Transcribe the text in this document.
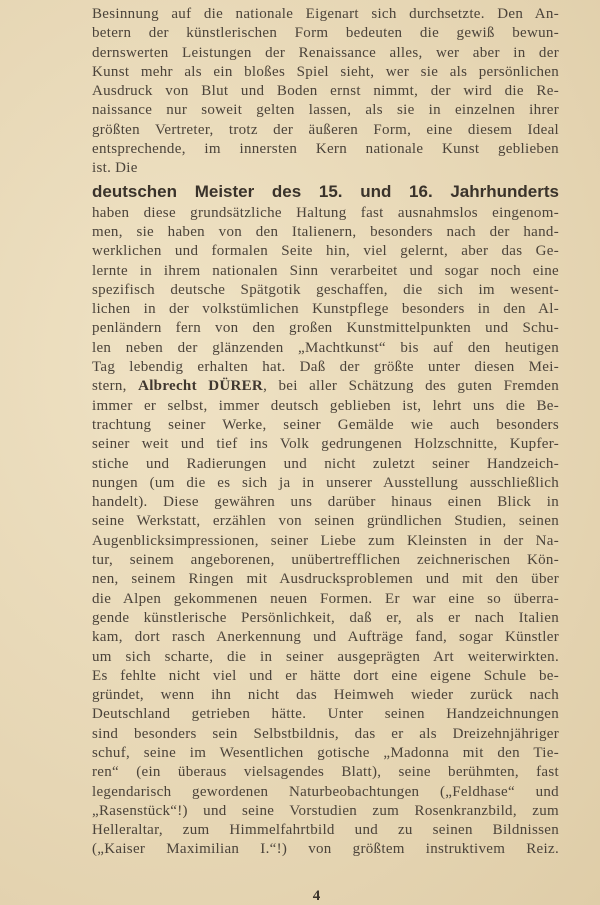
Besinnung auf die nationale Eigenart sich durchsetzte. Den An-
betern der künstlerischen Form bedeuten die gewiß bewun-
dernswerten Leistungen der Renaissance alles, wer aber in der
Kunst mehr als ein bloßes Spiel sieht, wer sie als persönlichen
Ausdruck von Blut und Boden ernst nimmt, der wird die Re-
naissance nur soweit gelten lassen, als sie in einzelnen ihrer
größten Vertreter, trotz der äußeren Form, eine diesem Ideal
entsprechende, im innersten Kern nationale Kunst geblieben
ist. Die
deutschen Meister des 15. und 16. Jahrhunderts
haben diese grundsätzliche Haltung fast ausnahmslos eingenom-
men, sie haben von den Italienern, besonders nach der hand-
werklichen und formalen Seite hin, viel gelernt, aber das Ge-
lernte in ihrem nationalen Sinn verarbeitet und sogar noch eine
spezifisch deutsche Spätgotik geschaffen, die sich im wesent-
lichen in der volkstümlichen Kunstpflege besonders in den Al-
penländern fern von den großen Kunstmittelpunkten und Schu-
len neben der glänzenden „Machtkunst“ bis auf den heutigen
Tag lebendig erhalten hat. Daß der größte unter diesen Mei-
stern, Albrecht DÜRER, bei aller Schätzung des guten Fremden
immer er selbst, immer deutsch geblieben ist, lehrt uns die Be-
trachtung seiner Werke, seiner Gemälde wie auch besonders
seiner weit und tief ins Volk gedrungenen Holzschnitte, Kupfer-
stiche und Radierungen und nicht zuletzt seiner Handzeich-
nungen (um die es sich ja in unserer Ausstellung ausschließlich
handelt). Diese gewähren uns darüber hinaus einen Blick in
seine Werkstatt, erzählen von seinen gründlichen Studien, seinen
Augenblicksimpressionen, seiner Liebe zum Kleinsten in der Na-
tur, seinem angeborenen, unübertrefflichen zeichnerischen Kön-
nen, seinem Ringen mit Ausdrucksproblemen und mit den über
die Alpen gekommenen neuen Formen. Er war eine so überra-
gende künstlerische Persönlichkeit, daß er, als er nach Italien
kam, dort rasch Anerkennung und Aufträge fand, sogar Künstler
um sich scharte, die in seiner ausgeprägten Art weiterwirkten.
Es fehlte nicht viel und er hätte dort eine eigene Schule be-
gründet, wenn ihn nicht das Heimweh wieder zurück nach
Deutschland getrieben hätte. Unter seinen Handzeichnungen
sind besonders sein Selbstbildnis, das er als Dreizehnjähriger
schuf, seine im Wesentlichen gotische „Madonna mit den Tie-
ren“ (ein überaus vielsagendes Blatt), seine berühmten, fast
legendarisch gewordenen Naturbeobachtungen („Feldhase“ und
„Rasenstück“!) und seine Vorstudien zum Rosenkranzbild, zum
Helleraltar, zum Himmelfahrtbild und zu seinen Bildnissen
(„Kaiser Maximilian I.“!) von größtem instruktivem Reiz.
4
